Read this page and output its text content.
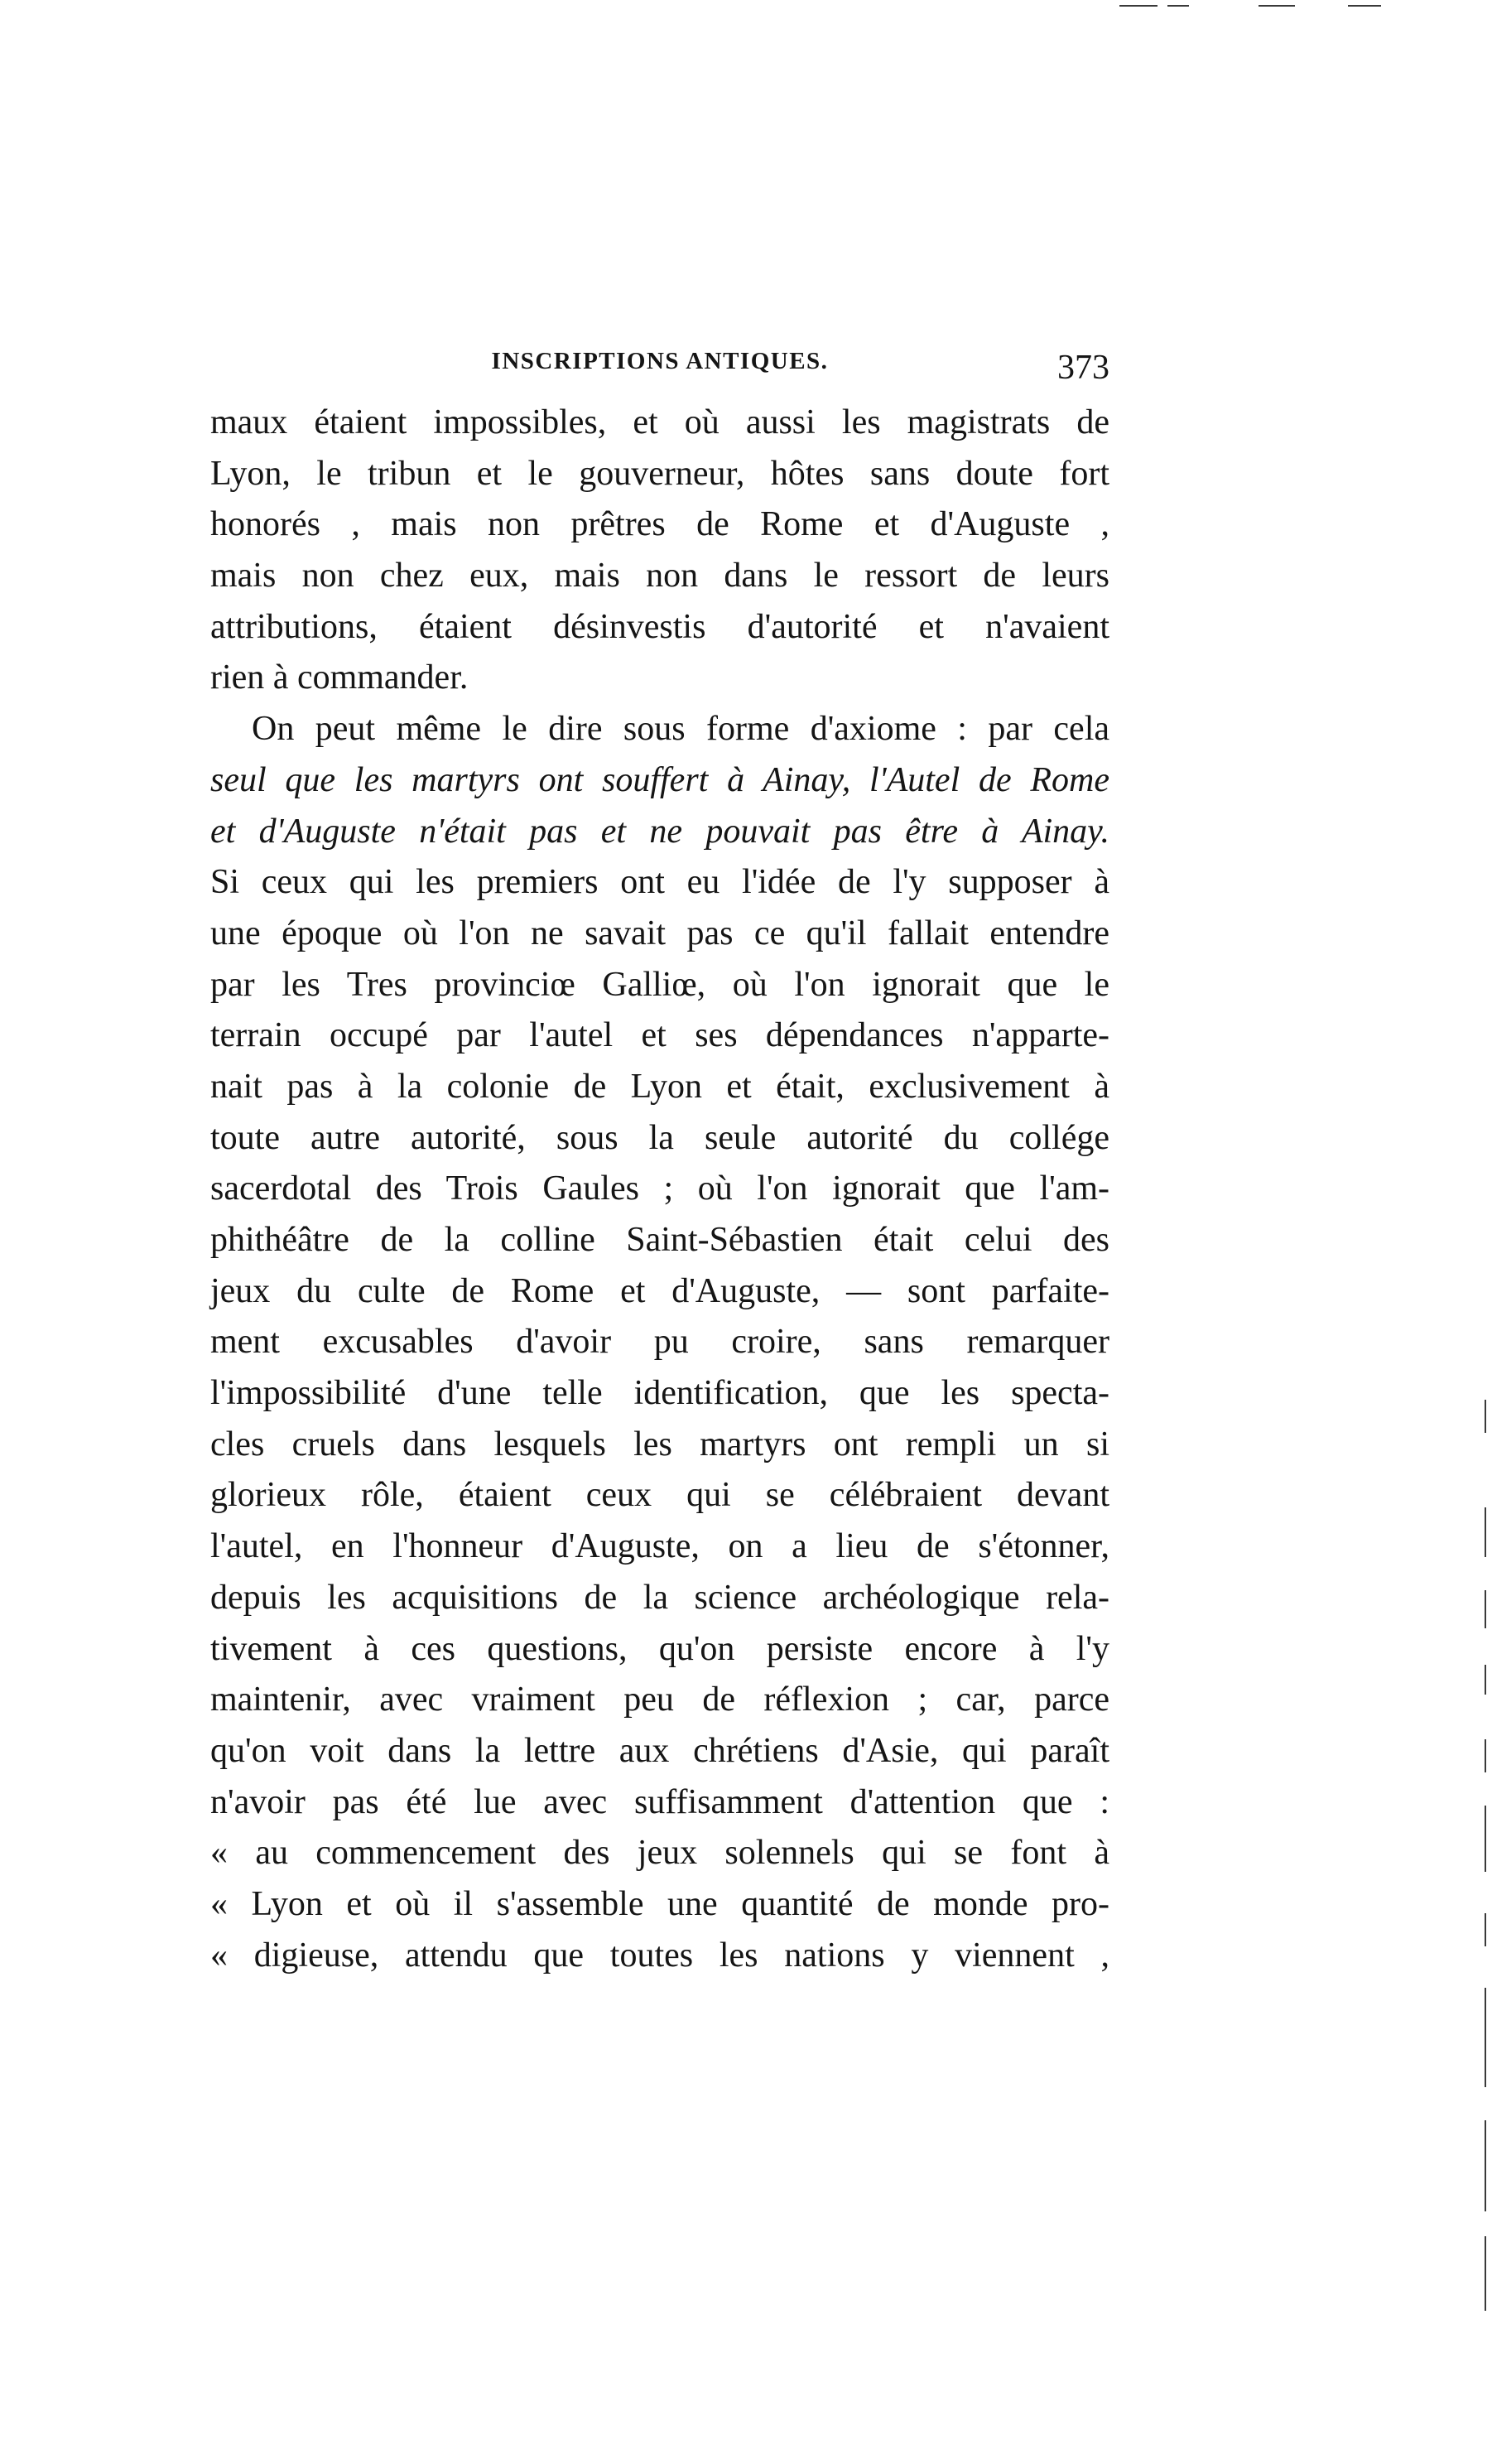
INSCRIPTIONS ANTIQUES.	373
maux étaient impossibles, et où aussi les magistrats de
Lyon, le tribun et le gouverneur, hôtes sans doute fort
honorés , mais non prêtres de Rome et d'Auguste ,
mais non chez eux, mais non dans le ressort de leurs
attributions, étaient désinvestis d'autorité et n'avaient
rien à commander.
On peut même le dire sous forme d'axiome : par cela
seul que les martyrs ont souffert à Ainay, l'Autel de Rome
et d'Auguste n'était pas et ne pouvait pas être à Ainay.
Si ceux qui les premiers ont eu l'idée de l'y supposer à
une époque où l'on ne savait pas ce qu'il fallait entendre
par les Tres provinciœ Galliœ, où l'on ignorait que le
terrain occupé par l'autel et ses dépendances n'apparte-
nait pas à la colonie de Lyon et était, exclusivement à
toute autre autorité, sous la seule autorité du collége
sacerdotal des Trois Gaules ; où l'on ignorait que l'am-
phithéâtre de la colline Saint-Sébastien était celui des
jeux du culte de Rome et d'Auguste, — sont parfaite-
ment excusables d'avoir pu croire, sans remarquer
l'impossibilité d'une telle identification, que les specta-
cles cruels dans lesquels les martyrs ont rempli un si
glorieux rôle, étaient ceux qui se célébraient devant
l'autel, en l'honneur d'Auguste, on a lieu de s'étonner,
depuis les acquisitions de la science archéologique rela-
tivement à ces questions, qu'on persiste encore à l'y
maintenir, avec vraiment peu de réflexion ; car, parce
qu'on voit dans la lettre aux chrétiens d'Asie, qui paraît
n'avoir pas été lue avec suffisamment d'attention que :
« au commencement des jeux solennels qui se font à
« Lyon et où il s'assemble une quantité de monde pro-
« digieuse, attendu que toutes les nations y viennent ,
